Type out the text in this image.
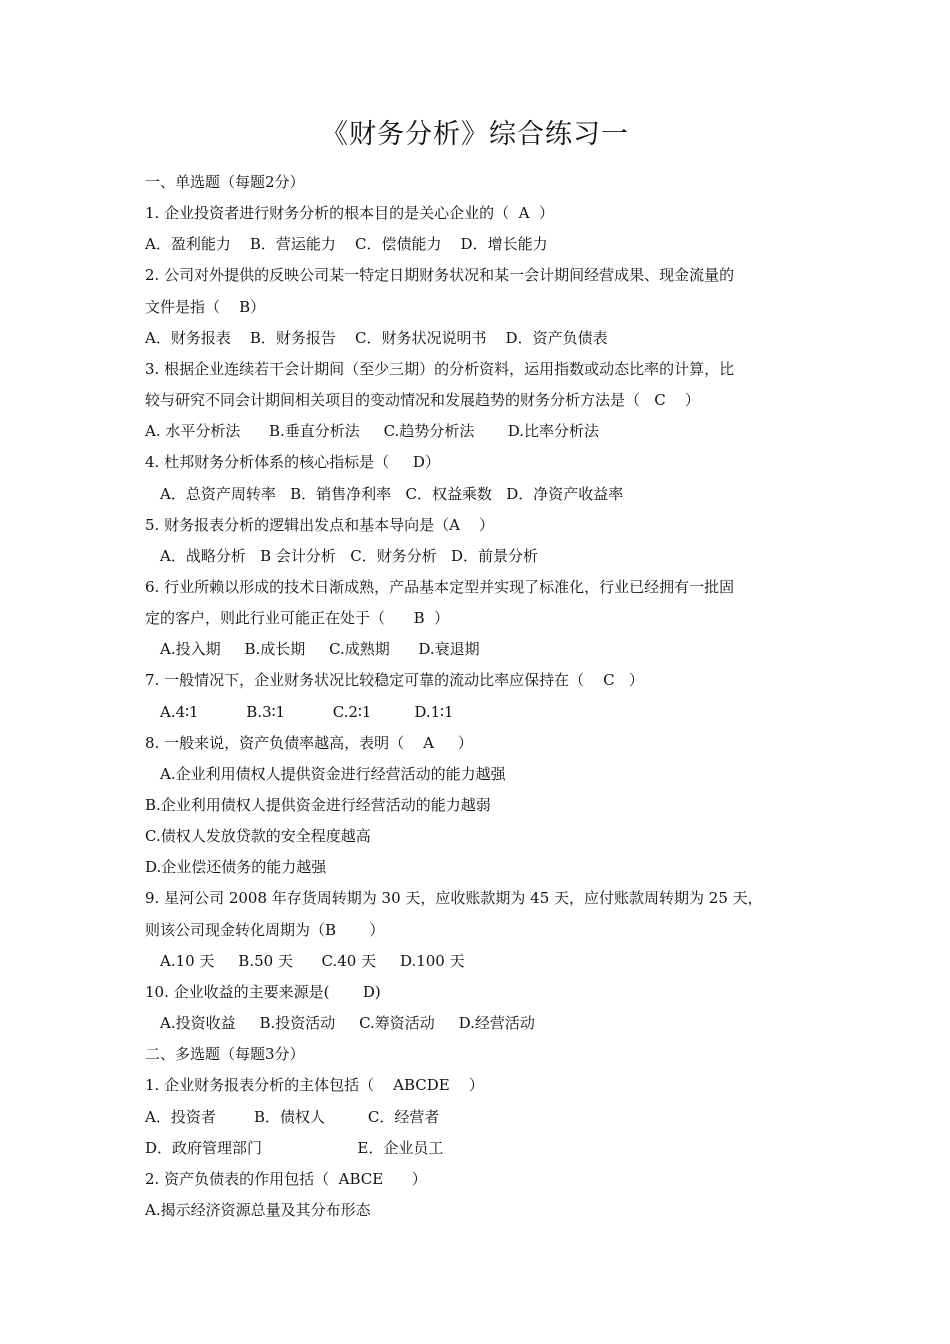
《财务分析》综合练习一
一、单选题（每题2分）
1. 企业投资者进行财务分析的根本目的是关心企业的（  A  ）
A．盈利能力    B．营运能力    C．偿债能力    D．增长能力
2. 公司对外提供的反映公司某一特定日期财务状况和某一会计期间经营成果、现金流量的
文件是指（    B）
A．财务报表    B．财务报告    C．财务状况说明书    D．资产负债表
3. 根据企业连续若干会计期间（至少三期）的分析资料，运用指数或动态比率的计算，比
较与研究不同会计期间相关项目的变动情况和发展趋势的财务分析方法是（   C    ）
A. 水平分析法      B.垂直分析法     C.趋势分析法       D.比率分析法
4. 杜邦财务分析体系的核心指标是（     D）
A．总资产周转率   B．销售净利率   C．权益乘数   D．净资产收益率
5. 财务报表分析的逻辑出发点和基本导向是（A    ）
A．战略分析   B 会计分析   C．财务分析   D．前景分析
6. 行业所赖以形成的技术日渐成熟，产品基本定型并实现了标准化，行业已经拥有一批固
定的客户，则此行业可能正在处于（      B  ）
A.投入期     B.成长期     C.成熟期      D.衰退期
7. 一般情况下，企业财务状况比较稳定可靠的流动比率应保持在（    C   ）
A.4∶1          B.3∶1          C.2∶1         D.1∶1
8. 一般来说，资产负债率越高，表明（    A     ）
A.企业利用债权人提供资金进行经营活动的能力越强
B.企业利用债权人提供资金进行经营活动的能力越弱
C.债权人发放贷款的安全程度越高
D.企业偿还债务的能力越强
9. 星河公司 2008 年存货周转期为 30 天，应收账款期为 45 天，应付账款周转期为 25 天，
则该公司现金转化周期为（B       ）
A.10 天     B.50 天      C.40 天     D.100 天
10. 企业收益的主要来源是(       D)
A.投资收益     B.投资活动     C.筹资活动     D.经营活动
二、多选题（每题3分）
1. 企业财务报表分析的主体包括（    ABCDE    ）
A．投资者        B．债权人         C．经营者
D．政府管理部门                    E．企业员工
2. 资产负债表的作用包括（  ABCE      ）
A.揭示经济资源总量及其分布形态
